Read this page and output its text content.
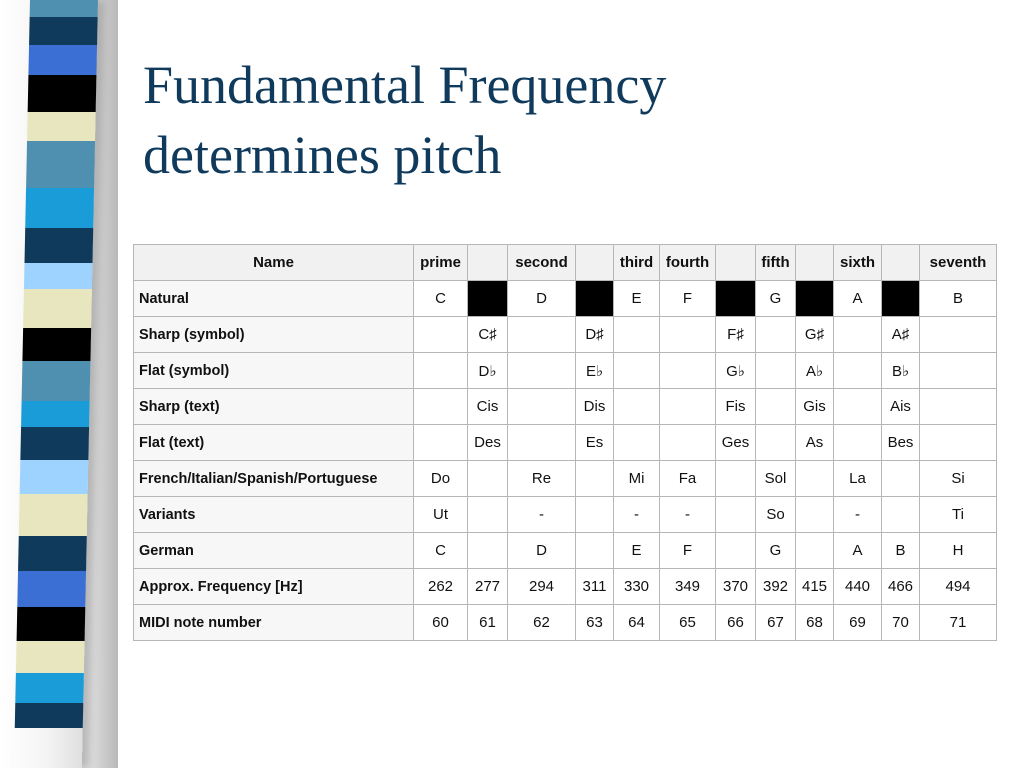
Fundamental Frequency
determines pitch
Name	prime		second		third	fourth		fifth		sixth		seventh
Natural	C		D		E	F		G		A		B
Sharp (symbol)		C♯		D♯			F♯		G♯		A♯	
Flat (symbol)		D♭		E♭			G♭		A♭		B♭	
Sharp (text)		Cis		Dis			Fis		Gis		Ais	
Flat (text)		Des		Es			Ges		As		Bes	
French/Italian/Spanish/Portuguese	Do		Re		Mi	Fa		Sol		La		Si
Variants	Ut		-		-	-		So		-		Ti
German	C		D		E	F		G		A	B	H
Approx. Frequency [Hz]	262	277	294	311	330	349	370	392	415	440	466	494
MIDI note number	60	61	62	63	64	65	66	67	68	69	70	71
